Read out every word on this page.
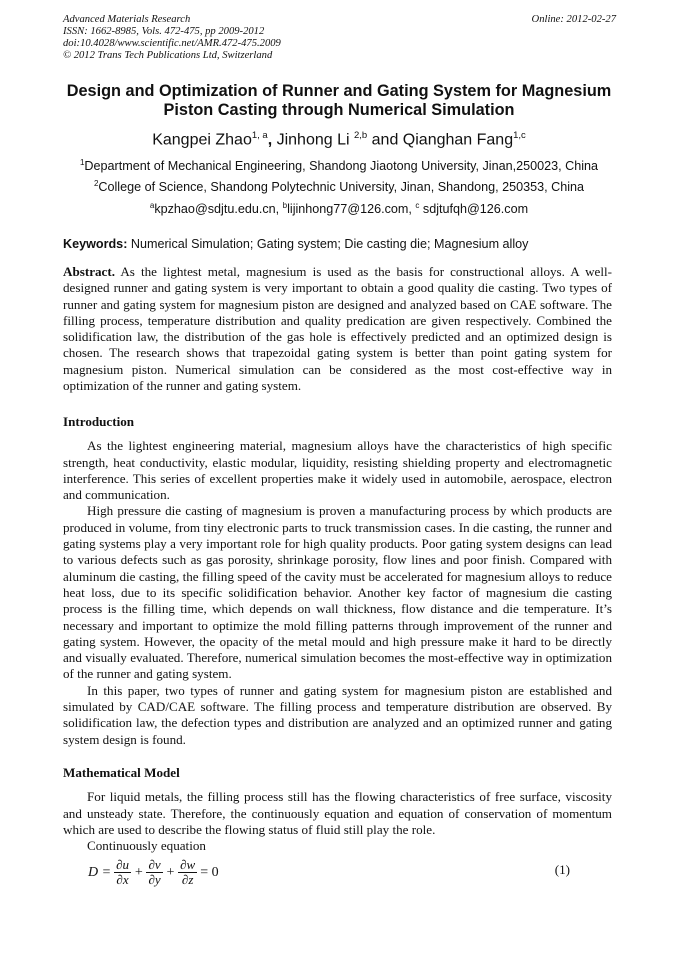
Advanced Materials Research
ISSN: 1662-8985, Vols. 472-475, pp 2009-2012
doi:10.4028/www.scientific.net/AMR.472-475.2009
© 2012 Trans Tech Publications Ltd, Switzerland
Online: 2012-02-27
Design and Optimization of Runner and Gating System for Magnesium Piston Casting through Numerical Simulation
Kangpei Zhao$^{1, a}$, Jinhong Li $^{2,b}$ and Qianghan Fang$^{1,c}$
$^1$Department of Mechanical Engineering, Shandong Jiaotong University, Jinan,250023, China
$^2$College of Science, Shandong Polytechnic University, Jinan, Shandong, 250353, China
$^a$kpzhao@sdjtu.edu.cn, $^b$lijinhong77@126.com, $^c$ sdjtufqh@126.com
Keywords: Numerical Simulation; Gating system; Die casting die; Magnesium alloy

Abstract. As the lightest metal, magnesium is used as the basis for constructional alloys. A well-designed runner and gating system is very important to obtain a good quality die casting. Two types of runner and gating system for magnesium piston are designed and analyzed based on CAE software. The filling process, temperature distribution and quality predication are given respectively. Combined the solidification law, the distribution of the gas hole is effectively predicted and an optimized design is chosen. The research shows that trapezoidal gating system is better than point gating system for magnesium piston. Numerical simulation can be considered as the most cost-effective way in optimization of the runner and gating system.

Introduction

As the lightest engineering material, magnesium alloys have the characteristics of high specific strength, heat conductivity, elastic modular, liquidity, resisting shielding property and electromagnetic interference. This series of excellent properties make it widely used in automobile, aerospace, electron and communication.

High pressure die casting of magnesium is proven a manufacturing process by which products are produced in volume, from tiny electronic parts to truck transmission cases. In die casting, the runner and gating systems play a very important role for high quality products. Poor gating system designs can lead to various defects such as gas porosity, shrinkage porosity, flow lines and poor finish. Compared with aluminum die casting, the filling speed of the cavity must be accelerated for magnesium alloys to reduce heat loss, due to its specific solidification behavior. Another key factor of magnesium die casting process is the filling time, which depends on wall thickness, flow distance and die temperature. It’s necessary and important to optimize the mold filling patterns through improvement of the runner and gating system. However, the opacity of the metal mould and high pressure make it hard to be directly and visually evaluated. Therefore, numerical simulation becomes the most-effective way in optimization of the runner and gating system.

In this paper, two types of runner and gating system for magnesium piston are established and simulated by CAD/CAE software. The filling process and temperature distribution are observed. By solidification law, the defection types and distribution are analyzed and an optimized runner and gating system design is found.

Mathematical Model

For liquid metals, the filling process still has the flowing characteristics of free surface, viscosity and unsteady state. Therefore, the continuously equation and equation of conservation of momentum which are used to describe the flowing status of fluid still play the role.

Continuously equation

$D = \frac{\partial u}{\partial x} + \frac{\partial v}{\partial y} + \frac{\partial w}{\partial z} = 0$	(1)
